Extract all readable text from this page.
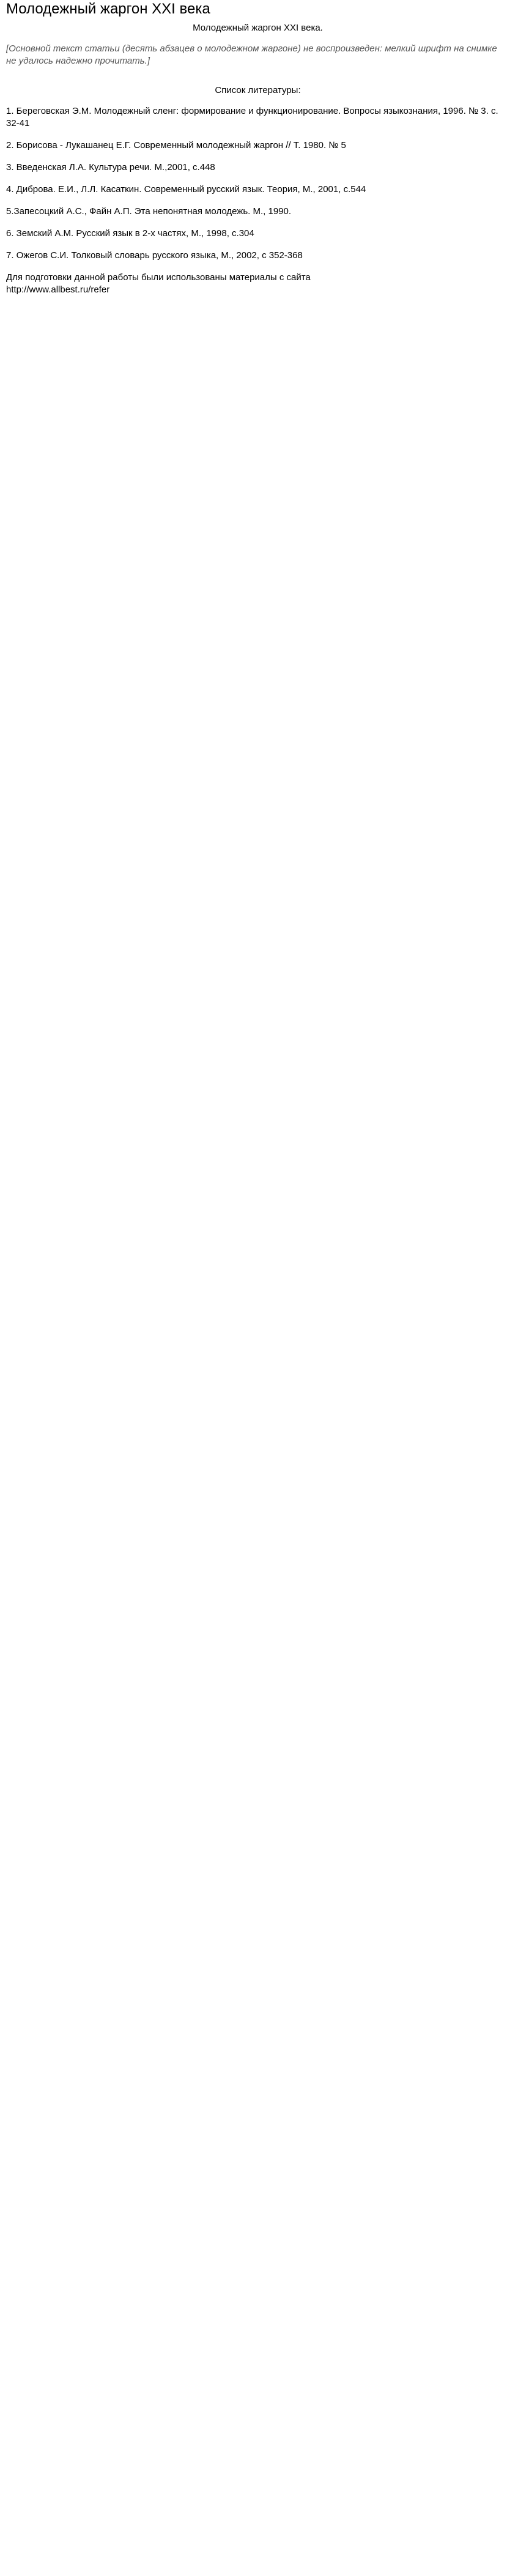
Молодежный жаргон XXI века
Молодежный жаргон XXI века.
[Основной текст статьи (десять абзацев о молодежном жаргоне) не воспроизведен: мелкий шрифт на снимке не удалось надежно прочитать.]
Список литературы:
1. Береговская Э.М. Молодежный сленг: формирование и функционирование. Вопросы языкознания, 1996. № 3. с. 32-41
2. Борисова - Лукашанец Е.Г. Современный молодежный жаргон // Т. 1980. № 5
3. Введенская Л.А. Культура речи. М.,2001, с.448
4. Диброва. Е.И., Л.Л. Касаткин. Современный русский язык. Теория, М., 2001, с.544
5.Запесоцкий А.С., Файн А.П. Эта непонятная молодежь. М., 1990.
6. Земский А.М. Русский язык в 2-х частях, М., 1998, с.304
7. Ожегов С.И. Толковый словарь русского языка, М., 2002, с 352-368
Для подготовки данной работы были использованы материалы с сайта
http://www.allbest.ru/refer
